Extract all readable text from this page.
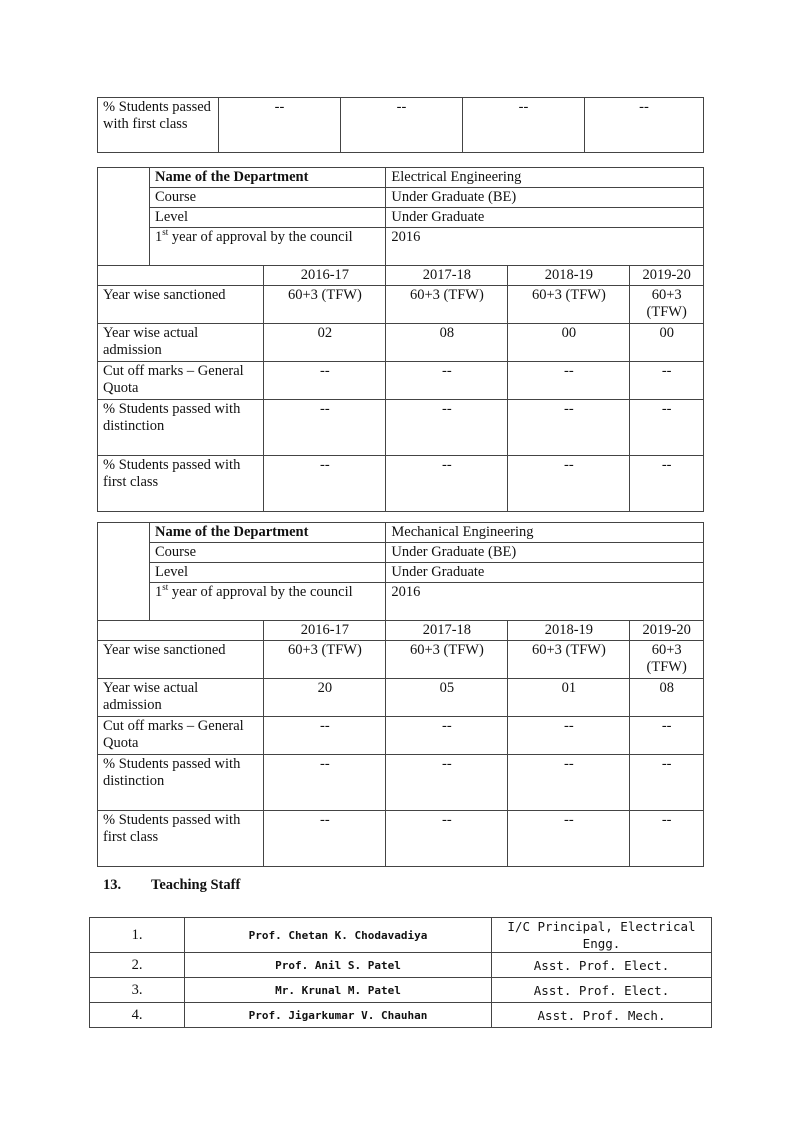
% Students passed with first class	--	--	--	--
	Name of the Department		Electrical Engineering		
	Course		Under Graduate (BE)		
	Level		Under Graduate		
	1st year of approval by the council		2016		
		2016-17	2017-18	2018-19	2019-20
Year wise sanctioned		60+3 (TFW)	60+3 (TFW)	60+3 (TFW)	60+3 (TFW)
Year wise actual admission		02	08	00	00
Cut off marks – General Quota		--	--	--	--
% Students passed with distinction		--	--	--	--
% Students passed with first class		--	--	--	--
	Name of the Department		Mechanical Engineering		
	Course		Under Graduate (BE)		
	Level		Under Graduate		
	1st year of approval by the council		2016		
		2016-17	2017-18	2018-19	2019-20
Year wise sanctioned		60+3 (TFW)	60+3 (TFW)	60+3 (TFW)	60+3 (TFW)
Year wise actual admission		20	05	01	08
Cut off marks – General Quota		--	--	--	--
% Students passed with distinction		--	--	--	--
% Students passed with first class		--	--	--	--
13. Teaching Staff
1.	Prof. Chetan K. Chodavadiya	I/C Principal, Electrical Engg.
2.	Prof. Anil S. Patel	Asst. Prof. Elect.
3.	Mr. Krunal M. Patel	Asst. Prof. Elect.
4.	Prof. Jigarkumar V. Chauhan	Asst. Prof. Mech.
